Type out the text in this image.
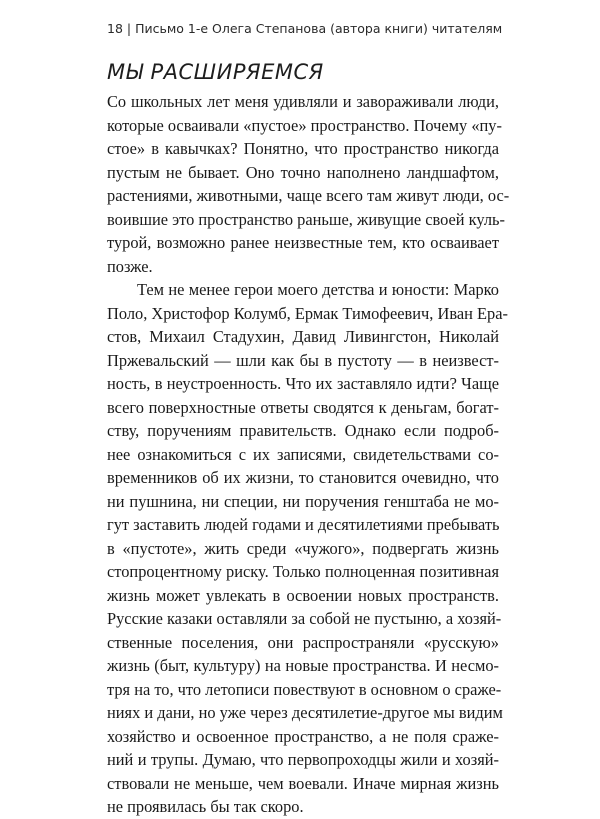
18 | Письмо 1-е Олега Степанова (автора книги) читателям
МЫ РАСШИРЯЕМСЯ
Со школьных лет меня удивляли и завораживали люди,
которые осваивали «пустое» пространство. Почему «пу-
стое» в кавычках? Понятно, что пространство никогда
пустым не бывает. Оно точно наполнено ландшафтом,
растениями, животными, чаще всего там живут люди, ос-
воившие это пространство раньше, живущие своей куль-
турой, возможно ранее неизвестные тем, кто осваивает
позже.
Тем не менее герои моего детства и юности: Марко
Поло, Христофор Колумб, Ермак Тимофеевич, Иван Ера-
стов, Михаил Стадухин, Давид Ливингстон, Николай
Пржевальский — шли как бы в пустоту — в неизвест-
ность, в неустроенность. Что их заставляло идти? Чаще
всего поверхностные ответы сводятся к деньгам, богат-
ству, поручениям правительств. Однако если подроб-
нее ознакомиться с их записями, свидетельствами со-
временников об их жизни, то становится очевидно, что
ни пушнина, ни специи, ни поручения генштаба не мо-
гут заставить людей годами и десятилетиями пребывать
в «пустоте», жить среди «чужого», подвергать жизнь
стопроцентному риску. Только полноценная позитивная
жизнь может увлекать в освоении новых пространств.
Русские казаки оставляли за собой не пустыню, а хозяй-
ственные поселения, они распространяли «русскую»
жизнь (быт, культуру) на новые пространства. И несмо-
тря на то, что летописи повествуют в основном о сраже-
ниях и дани, но уже через десятилетие-другое мы видим
хозяйство и освоенное пространство, а не поля сраже-
ний и трупы. Думаю, что первопроходцы жили и хозяй-
ствовали не меньше, чем воевали. Иначе мирная жизнь
не проявилась бы так скоро.
